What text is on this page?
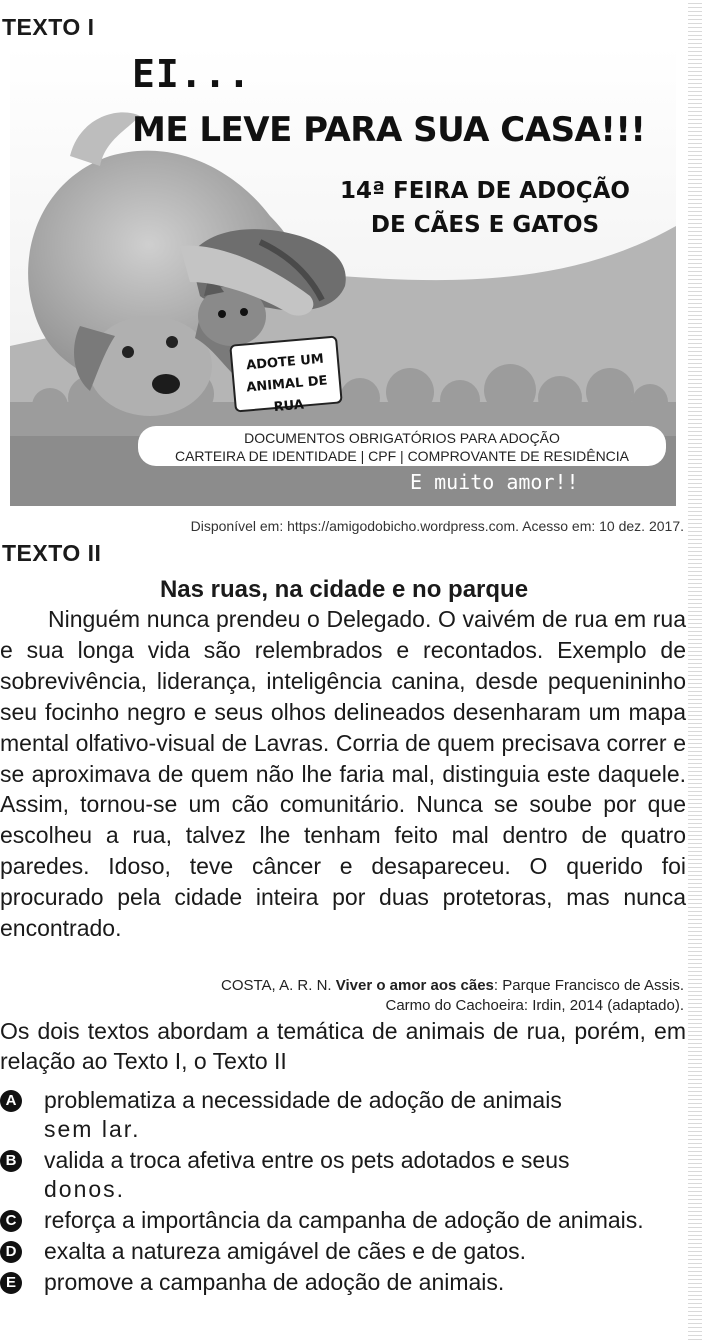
TEXTO I
EI...
ME LEVE PARA SUA CASA!!!
14ª FEIRA DE ADOÇÃO
DE CÃES E GATOS
ADOTE UM
ANIMAL DE RUA
DOCUMENTOS OBRIGATÓRIOS PARA ADOÇÃO
CARTEIRA DE IDENTIDADE | CPF | COMPROVANTE DE RESIDÊNCIA
E muito amor!!
Disponível em: https://amigodobicho.wordpress.com. Acesso em: 10 dez. 2017.
TEXTO II
Nas ruas, na cidade e no parque

Ninguém nunca prendeu o Delegado. O vaivém de rua em rua e sua longa vida são relembrados e recontados. Exemplo de sobrevivência, liderança, inteligência canina, desde pequenininho seu focinho negro e seus olhos delineados desenharam um mapa mental olfativo-visual de Lavras. Corria de quem precisava correr e se aproximava de quem não lhe faria mal, distinguia este daquele. Assim, tornou-se um cão comunitário. Nunca se soube por que escolheu a rua, talvez lhe tenham feito mal dentro de quatro paredes. Idoso, teve câncer e desapareceu. O querido foi procurado pela cidade inteira por duas protetoras, mas nunca encontrado.

COSTA, A. R. N. Viver o amor aos cães: Parque Francisco de Assis.
Carmo do Cachoeira: Irdin, 2014 (adaptado).
Os dois textos abordam a temática de animais de rua, porém, em relação ao Texto I, o Texto II
A problematiza a necessidade de adoção de animais
sem lar.
B valida a troca afetiva entre os pets adotados e seus
donos.
C reforça a importância da campanha de adoção de animais.
D exalta a natureza amigável de cães e de gatos.
E promove a campanha de adoção de animais.
